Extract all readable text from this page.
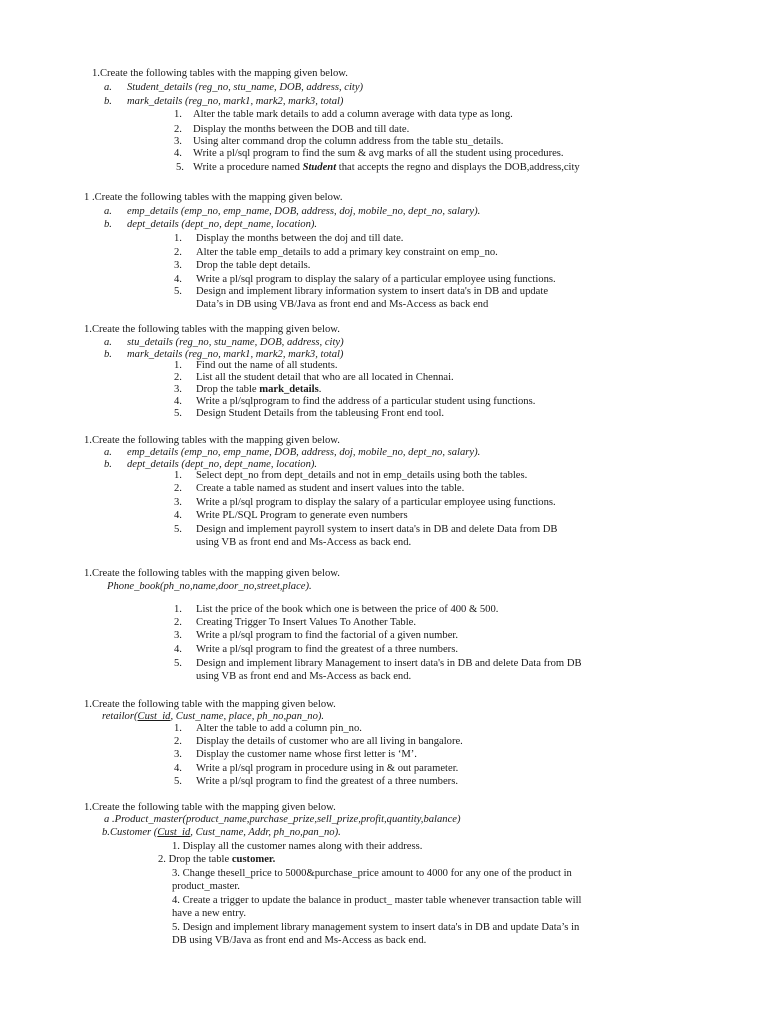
1.Create the following tables with the mapping given below.
a. Student_details (reg_no, stu_name, DOB, address, city)
b. mark_details (reg_no, mark1, mark2, mark3, total)
1. Alter the table mark details to add a column average with data type as long.
2. Display the months between the DOB and till date.
3. Using alter command drop the column address from the table stu_details.
4. Write a pl/sql program to find the sum & avg marks of all the student using procedures.
5. Write a procedure named Student that accepts the regno and displays the DOB,address,city
1 .Create the following tables with the mapping given below.
a. emp_details (emp_no, emp_name, DOB, address, doj, mobile_no, dept_no, salary).
b. dept_details (dept_no, dept_name, location).
1. Display the months between the doj and till date.
2. Alter the table emp_details to add a primary key constraint on emp_no.
3. Drop the table dept details.
4. Write a pl/sql program to display the salary of a particular employee using functions.
5. Design and implement library information system to insert data's in DB and update
Data’s in DB using VB/Java as front end and Ms-Access as back end
1.Create the following tables with the mapping given below.
a. stu_details (reg_no, stu_name, DOB, address, city)
b. mark_details (reg_no, mark1, mark2, mark3, total)
1. Find out the name of all students.
2. List all the student detail that who are all located in Chennai.
3. Drop the table mark_details.
4. Write a pl/sqlprogram to find the address of a particular student using functions.
5. Design Student Details from the tableusing Front end tool.
1.Create the following tables with the mapping given below.
a. emp_details (emp_no, emp_name, DOB, address, doj, mobile_no, dept_no, salary).
b. dept_details (dept_no, dept_name, location).
1. Select dept_no from dept_details and not in emp_details using both the tables.
2. Create a table named as student and insert values into the table.
3. Write a pl/sql program to display the salary of a particular employee using functions.
4. Write PL/SQL Program to generate even numbers
5. Design and implement payroll system to insert data's in DB and delete Data from DB
using VB as front end and Ms-Access as back end.
1.Create the following tables with the mapping given below.
Phone_book(ph_no,name,door_no,street,place).
1. List the price of the book which one is between the price of 400 & 500.
2. Creating Trigger To Insert Values To Another Table.
3. Write a pl/sql program to find the factorial of a given number.
4. Write a pl/sql program to find the greatest of a three numbers.
5. Design and implement library Management to insert data's in DB and delete Data from DB
using VB as front end and Ms-Access as back end.
1.Create the following table with the mapping given below.
retailor(Cust_id, Cust_name, place, ph_no,pan_no).
1. Alter the table to add a column pin_no.
2. Display the details of customer who are all living in bangalore.
3. Display the customer name whose first letter is ‘M’.
4. Write a pl/sql program in procedure using in & out parameter.
5. Write a pl/sql program to find the greatest of a three numbers.
1.Create the following table with the mapping given below.
a .Product_master(product_name,purchase_prize,sell_prize,profit,quantity,balance)
b.Customer (Cust_id, Cust_name, Addr, ph_no,pan_no).
1. Display all the customer names along with their address.
2. Drop the table customer.
3. Change thesell_price to 5000&purchase_price amount to 4000 for any one of the product in
product_master.
4. Create a trigger to update the balance in product_ master table whenever transaction table will
have a new entry.
5. Design and implement library management system to insert data's in DB and update Data’s in
DB using VB/Java as front end and Ms-Access as back end.
